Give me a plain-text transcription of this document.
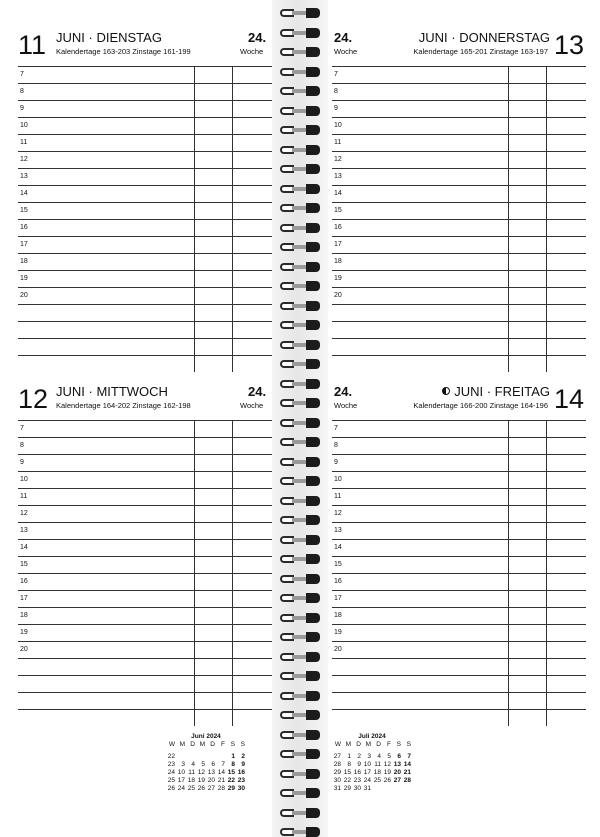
11 JUNI · DIENSTAG
Kalendertage 163-203 Zinstage 161-199
24.
Woche
7
8
9
10
11
12
13
14
15
16
17
18
19
20
12 JUNI · MITTWOCH
Kalendertage 164-202 Zinstage 162-198
24.
Woche
7
8
9
10
11
12
13
14
15
16
17
18
19
20
Juni 2024
W	M	D	M	D	F	S	S

22						1	2
23	3	4	5	6	7	8	9
24	10	11	12	13	14	15	16
25	17	18	19	20	21	22	23
26	24	25	26	27	28	29	30
24.
Woche
JUNI · DONNERSTAG
Kalendertage 165-201 Zinstage 163-197 13
7
8
9
10
11
12
13
14
15
16
17
18
19
20
24.
Woche
JUNI · FREITAG
Kalendertage 166-200 Zinstage 164-196 14
7
8
9
10
11
12
13
14
15
16
17
18
19
20
Juli 2024
W	M	D	M	D	F	S	S

27	1	2	3	4	5	6	7
28	8	9	10	11	12	13	14
29	15	16	17	18	19	20	21
30	22	23	24	25	26	27	28
31	29	30	31				
